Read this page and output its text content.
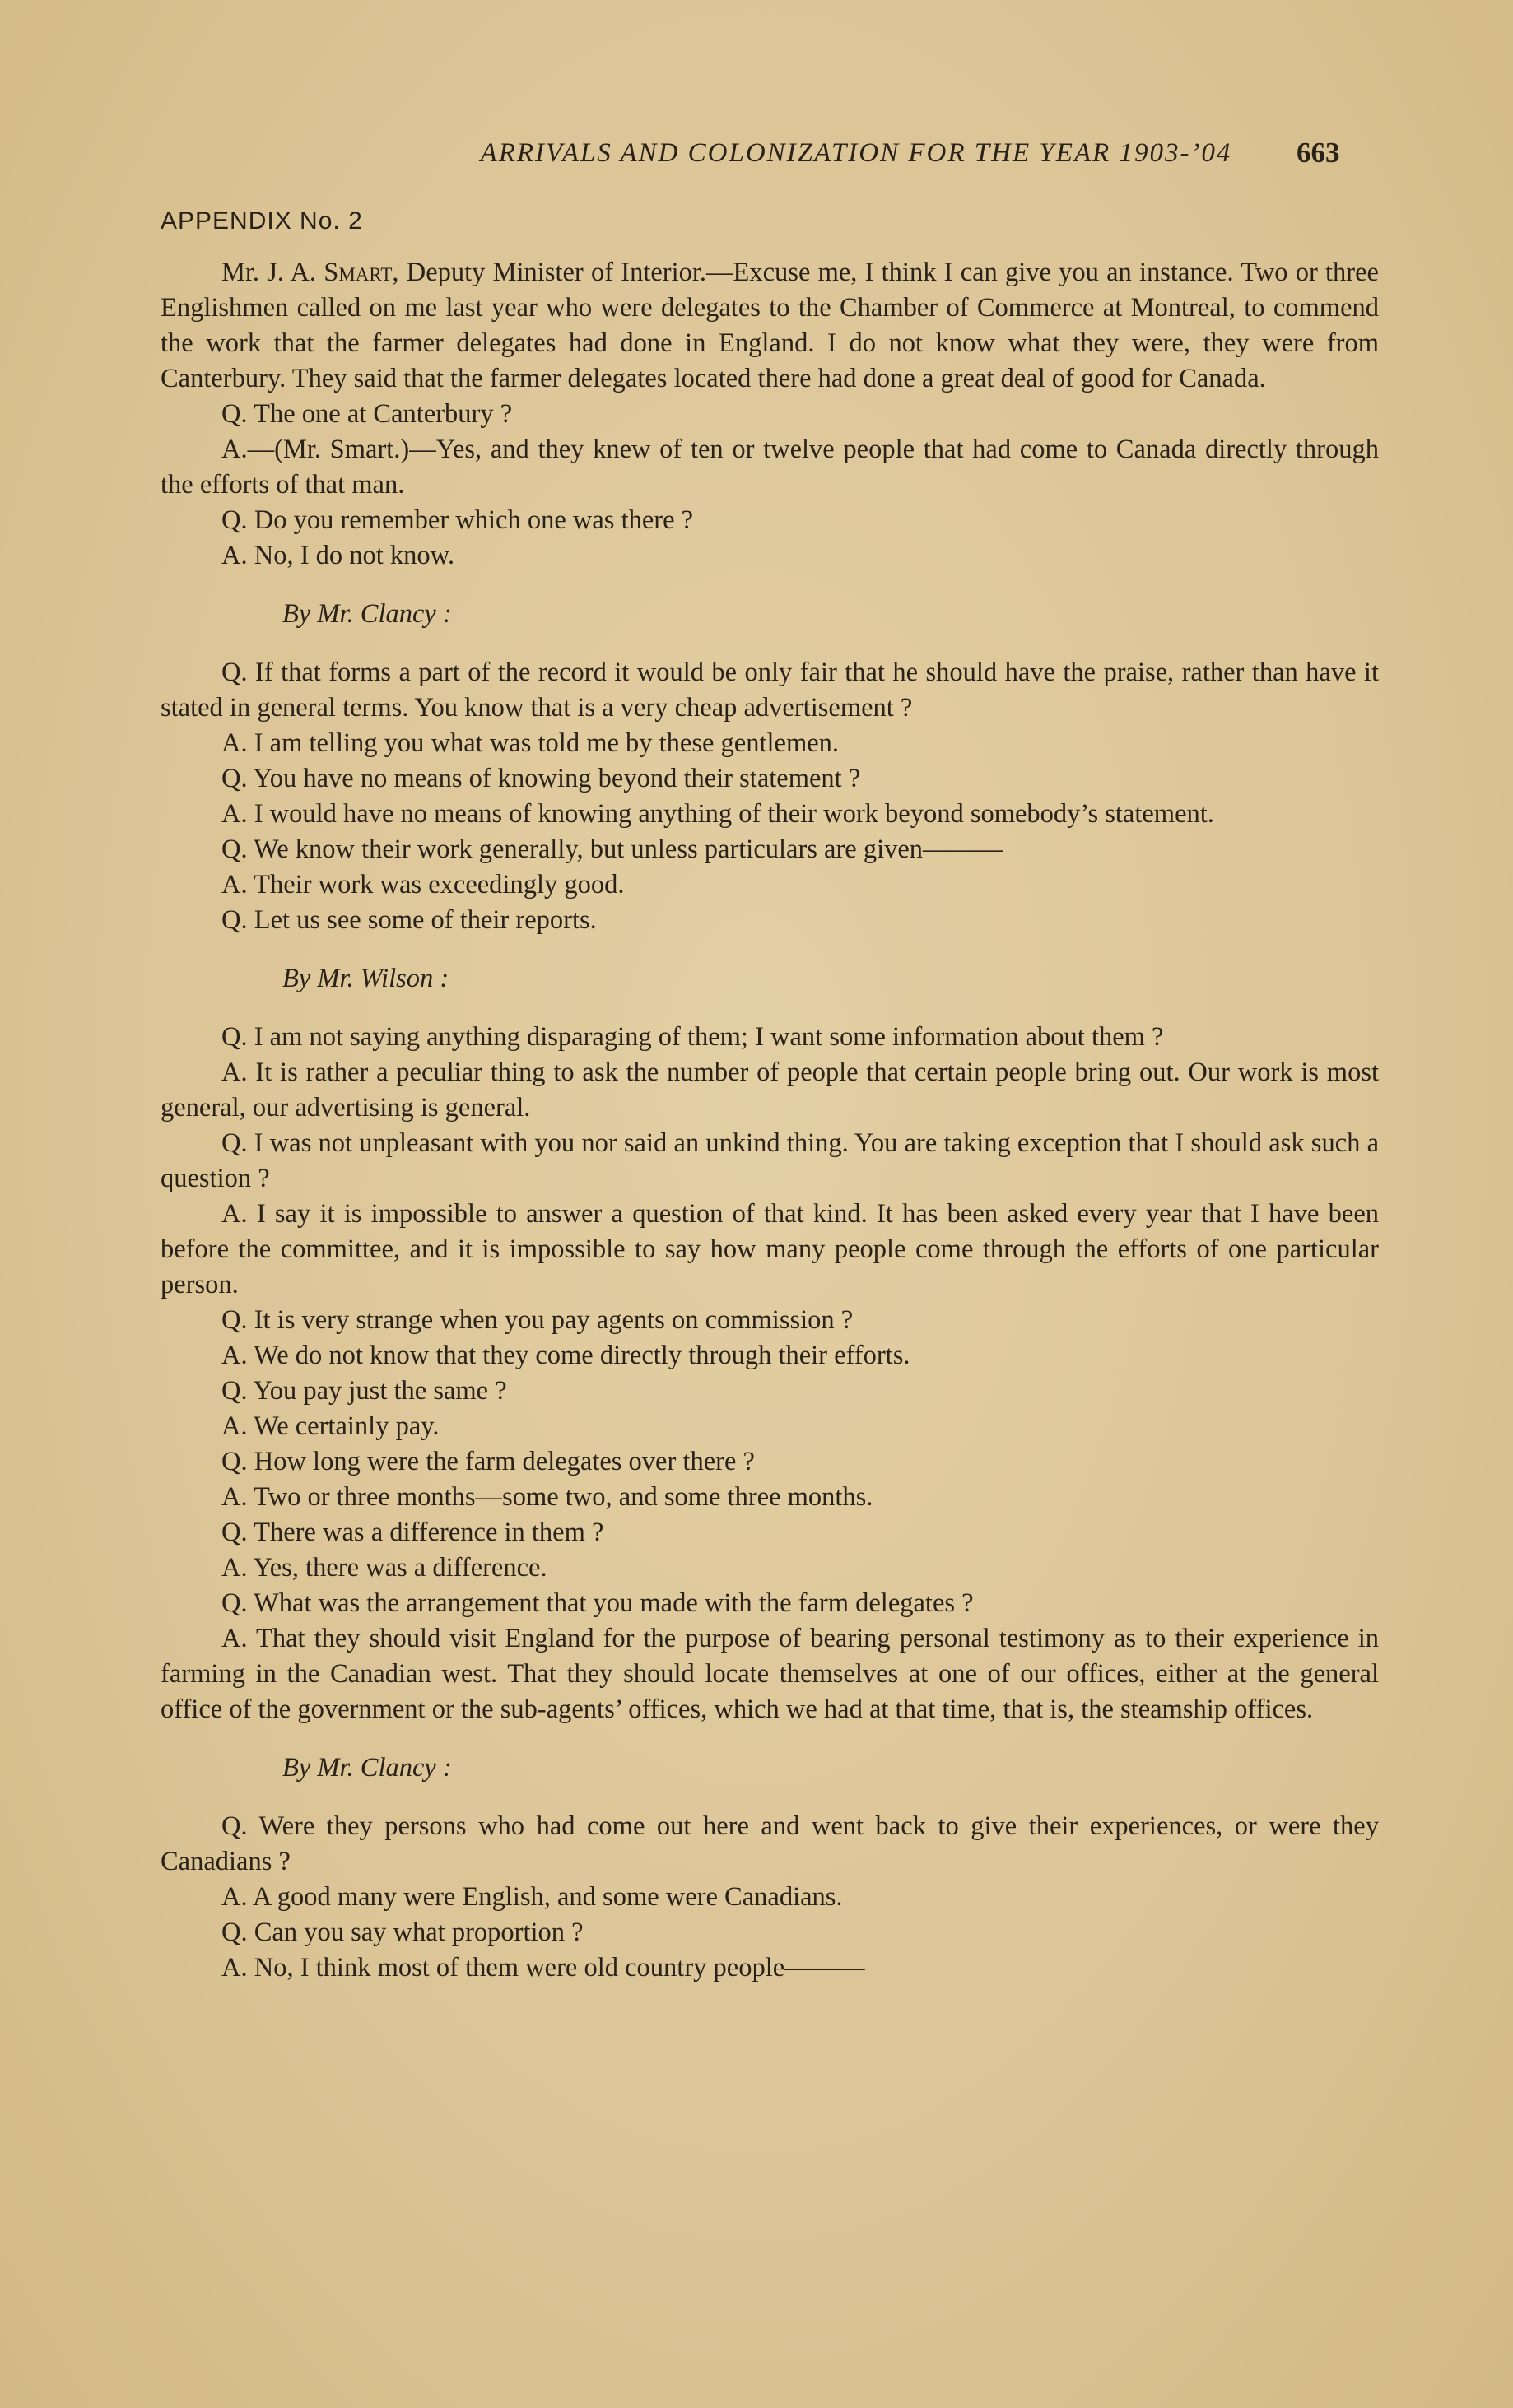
ARRIVALS AND COLONIZATION FOR THE YEAR 1903-’04	663
APPENDIX No. 2

Mr. J. A. Smart, Deputy Minister of Interior.—Excuse me, I think I can give you an instance. Two or three Englishmen called on me last year who were delegates to the Chamber of Commerce at Montreal, to commend the work that the farmer delegates had done in England. I do not know what they were, they were from Canterbury. They said that the farmer delegates located there had done a great deal of good for Canada.

Q. The one at Canterbury ?

A.—(Mr. Smart.)—Yes, and they knew of ten or twelve people that had come to Canada directly through the efforts of that man.

Q. Do you remember which one was there ?

A. No, I do not know.

By Mr. Clancy :

Q. If that forms a part of the record it would be only fair that he should have the praise, rather than have it stated in general terms. You know that is a very cheap advertisement ?

A. I am telling you what was told me by these gentlemen.

Q. You have no means of knowing beyond their statement ?

A. I would have no means of knowing anything of their work beyond somebody’s statement.

Q. We know their work generally, but unless particulars are given———

A. Their work was exceedingly good.

Q. Let us see some of their reports.

By Mr. Wilson :

Q. I am not saying anything disparaging of them; I want some information about them ?

A. It is rather a peculiar thing to ask the number of people that certain people bring out. Our work is most general, our advertising is general.

Q. I was not unpleasant with you nor said an unkind thing. You are taking exception that I should ask such a question ?

A. I say it is impossible to answer a question of that kind. It has been asked every year that I have been before the committee, and it is impossible to say how many people come through the efforts of one particular person.

Q. It is very strange when you pay agents on commission ?

A. We do not know that they come directly through their efforts.

Q. You pay just the same ?

A. We certainly pay.

Q. How long were the farm delegates over there ?

A. Two or three months—some two, and some three months.

Q. There was a difference in them ?

A. Yes, there was a difference.

Q. What was the arrangement that you made with the farm delegates ?

A. That they should visit England for the purpose of bearing personal testimony as to their experience in farming in the Canadian west. That they should locate themselves at one of our offices, either at the general office of the government or the sub-agents’ offices, which we had at that time, that is, the steamship offices.

By Mr. Clancy :

Q. Were they persons who had come out here and went back to give their experiences, or were they Canadians ?

A. A good many were English, and some were Canadians.

Q. Can you say what proportion ?

A. No, I think most of them were old country people———
